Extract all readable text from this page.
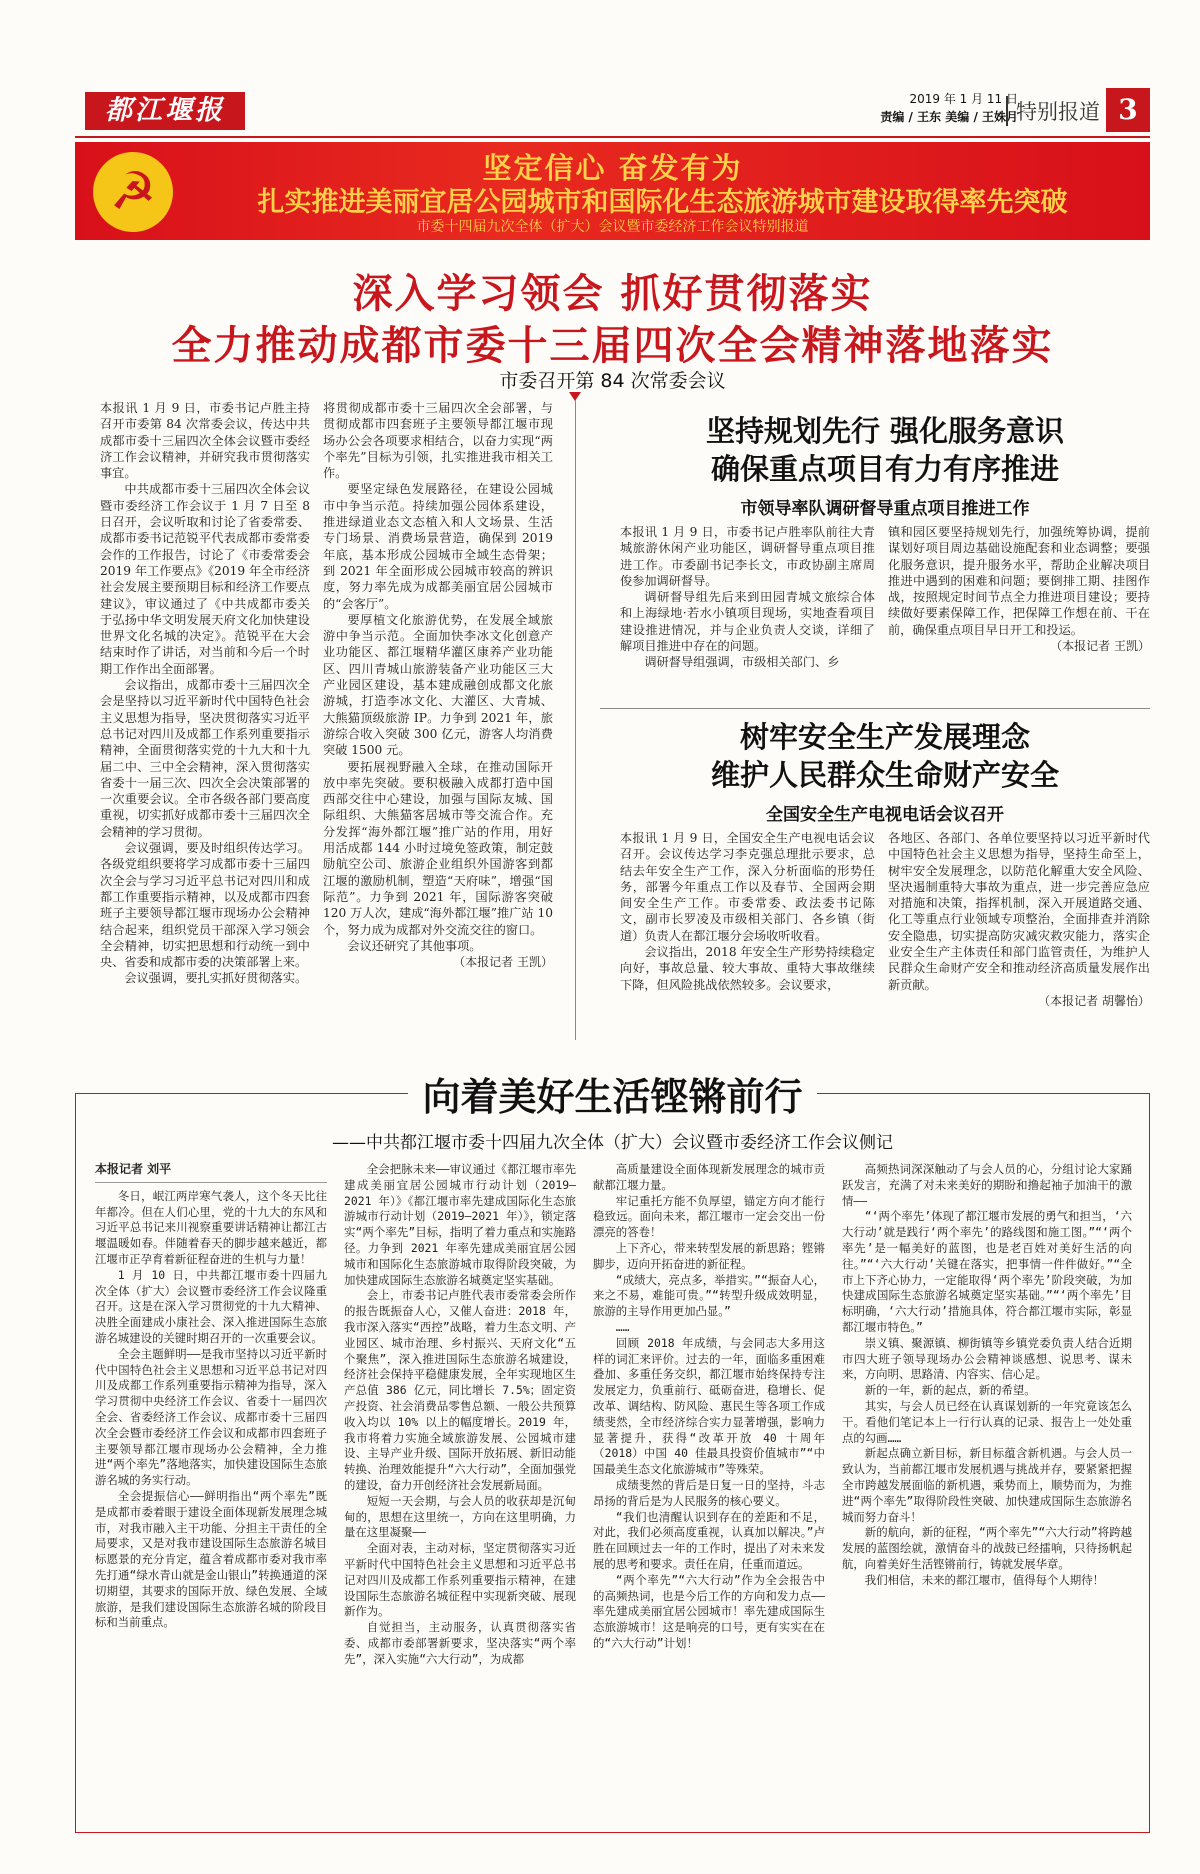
都江堰报	2019 年 1 月 11 日
责编 / 王东 美编 / 王姝月
特别报道 3
☭	坚定信心 奋发有为
扎实推进美丽宜居公园城市和国际化生态旅游城市建设取得率先突破
市委十四届九次全体（扩大）会议暨市委经济工作会议特别报道
深入学习领会 抓好贯彻落实
全力推动成都市委十三届四次全会精神落地落实
市委召开第 84 次常委会议

本报讯 1 月 9 日，市委书记卢胜主持召开市委第 84 次常委会议，传达中共成都市委十三届四次全体会议暨市委经济工作会议精神，并研究我市贯彻落实事宜。

中共成都市委十三届四次全体会议暨市委经济工作会议于 1 月 7 日至 8 日召开，会议听取和讨论了省委常委、成都市委书记范锐平代表成都市委常委会作的工作报告，讨论了《市委常委会 2019 年工作要点》《2019 年全市经济社会发展主要预期目标和经济工作要点建议》，审议通过了《中共成都市委关于弘扬中华文明发展天府文化加快建设世界文化名城的决定》。范锐平在大会结束时作了讲话，对当前和今后一个时期工作作出全面部署。

会议指出，成都市委十三届四次全会是坚持以习近平新时代中国特色社会主义思想为指导，坚决贯彻落实习近平总书记对四川及成都工作系列重要指示精神，全面贯彻落实党的十九大和十九届二中、三中全会精神，深入贯彻落实省委十一届三次、四次全会决策部署的一次重要会议。全市各级各部门要高度重视，切实抓好成都市委十三届四次全会精神的学习贯彻。

会议强调，要及时组织传达学习。各级党组织要将学习成都市委十三届四次全会与学习习近平总书记对四川和成都工作重要指示精神，以及成都市四套班子主要领导都江堰市现场办公会精神结合起来，组织党员干部深入学习领会全会精神，切实把思想和行动统一到中央、省委和成都市委的决策部署上来。

会议强调，要扎实抓好贯彻落实。

将贯彻成都市委十三届四次全会部署，与贯彻成都市四套班子主要领导都江堰市现场办公会各项要求相结合，以奋力实现“两个率先”目标为引领，扎实推进我市相关工作。

要坚定绿色发展路径，在建设公园城市中争当示范。持续加强公园体系建设，推进绿道业态文态植入和人文场景、生活专门场景、消费场景营造，确保到 2019 年底，基本形成公园城市全域生态骨架；到 2021 年全面形成公园城市较高的辨识度，努力率先成为成都美丽宜居公园城市的“会客厅”。

要厚植文化旅游优势，在发展全域旅游中争当示范。全面加快李冰文化创意产业功能区、都江堰精华灌区康养产业功能区、四川青城山旅游装备产业功能区三大产业园区建设，基本建成融创成都文化旅游城，打造李冰文化、大灌区、大青城、大熊猫顶级旅游 IP。力争到 2021 年，旅游综合收入突破 300 亿元，游客人均消费突破 1500 元。

要拓展视野融入全球，在推动国际开放中率先突破。要积极融入成都打造中国西部交往中心建设，加强与国际友城、国际组织、大熊猫客居城市等交流合作。充分发挥“海外都江堰”推广站的作用，用好用活成都 144 小时过境免签政策，制定鼓励航空公司、旅游企业组织外国游客到都江堰的激励机制，塑造“天府味”，增强“国际范”。力争到 2021 年，国际游客突破 120 万人次，建成“海外都江堰”推广站 10 个，努力成为成都对外交流交往的窗口。

会议还研究了其他事项。

（本报记者 王凯）
坚持规划先行 强化服务意识
确保重点项目有力有序推进
市领导率队调研督导重点项目推进工作

本报讯 1 月 9 日，市委书记卢胜率队前往大青城旅游休闲产业功能区，调研督导重点项目推进工作。市委副书记李长文，市政协副主席周俊参加调研督导。

调研督导组先后来到田园青城文旅综合体和上海绿地·若水小镇项目现场，实地查看项目建设推进情况，并与企业负责人交谈，详细了解项目推进中存在的问题。

调研督导组强调，市级相关部门、乡

镇和园区要坚持规划先行，加强统筹协调，提前谋划好项目周边基础设施配套和业态调整；要强化服务意识，提升服务水平，帮助企业解决项目推进中遇到的困难和问题；要倒排工期、挂图作战，按照规定时间节点全力推进项目建设；要持续做好要素保障工作，把保障工作想在前、干在前，确保重点项目早日开工和投运。

（本报记者 王凯）
树牢安全生产发展理念
维护人民群众生命财产安全
全国安全生产电视电话会议召开

本报讯 1 月 9 日，全国安全生产电视电话会议召开。会议传达学习李克强总理批示要求，总结去年安全生产工作，深入分析面临的形势任务，部署今年重点工作以及春节、全国两会期间安全生产工作。市委常委、政法委书记陈文，副市长罗凌及市级相关部门、各乡镇（街道）负责人在都江堰分会场收听收看。

会议指出，2018 年安全生产形势持续稳定向好，事故总量、较大事故、重特大事故继续下降，但风险挑战依然较多。会议要求，

各地区、各部门、各单位要坚持以习近平新时代中国特色社会主义思想为指导，坚持生命至上，树牢安全发展理念，以防范化解重大安全风险、坚决遏制重特大事故为重点，进一步完善应急应对措施和决策，指挥机制，深入开展道路交通、化工等重点行业领域专项整治，全面排查并消除安全隐患，切实提高防灾减灾救灾能力，落实企业安全生产主体责任和部门监管责任，为维护人民群众生命财产安全和推动经济高质量发展作出新贡献。

（本报记者 胡馨怡）
向着美好生活铿锵前行
——中共都江堰市委十四届九次全体（扩大）会议暨市委经济工作会议侧记

本报记者 刘平

冬日，岷江两岸寒气袭人，这个冬天比往年都冷。但在人们心里，党的十九大的东风和习近平总书记来川视察重要讲话精神让都江古堰温暖如春。伴随着春天的脚步越来越近，都江堰市正孕育着新征程奋进的生机与力量！

1 月 10 日，中共都江堰市委十四届九次全体（扩大）会议暨市委经济工作会议隆重召开。这是在深入学习贯彻党的十九大精神、决胜全面建成小康社会、深入推进国际生态旅游名城建设的关键时期召开的一次重要会议。

全会主题鲜明——是我市坚持以习近平新时代中国特色社会主义思想和习近平总书记对四川及成都工作系列重要指示精神为指导，深入学习贯彻中央经济工作会议、省委十一届四次全会、省委经济工作会议、成都市委十三届四次全会暨市委经济工作会议和成都市四套班子主要领导都江堰市现场办公会精神，全力推进“两个率先”落地落实，加快建设国际生态旅游名城的务实行动。

全会提振信心——鲜明指出“两个率先”既是成都市委着眼于建设全面体现新发展理念城市，对我市融入主干功能、分担主干责任的全局要求，又是对我市建设国际生态旅游名城目标愿景的充分肯定，蕴含着成都市委对我市率先打通“绿水青山就是金山银山”转换通道的深切期望，其要求的国际开放、绿色发展、全域旅游，是我们建设国际生态旅游名城的阶段目标和当前重点。

全会把脉未来——审议通过《都江堰市率先建成美丽宜居公园城市行动计划（2019—2021 年）》《都江堰市率先建成国际化生态旅游城市行动计划（2019—2021 年）》，锁定落实“两个率先”目标，指明了着力重点和实施路径。力争到 2021 年率先建成美丽宜居公园城市和国际化生态旅游城市取得阶段突破，为加快建成国际生态旅游名城奠定坚实基础。

会上，市委书记卢胜代表市委常委会所作的报告既振奋人心，又催人奋进：2018 年，我市深入落实“西控”战略，着力生态文明、产业园区、城市治理、乡村振兴、天府文化“五个聚焦”，深入推进国际生态旅游名城建设，经济社会保持平稳健康发展，全年实现地区生产总值 386 亿元，同比增长 7.5%；固定资产投资、社会消费品零售总额、一般公共预算收入均以 10% 以上的幅度增长。2019 年，我市将着力实施全域旅游发展、公园城市建设、主导产业升级、国际开放拓展、新旧动能转换、治理效能提升“六大行动”，全面加强党的建设，奋力开创经济社会发展新局面。

短短一天会期，与会人员的收获却是沉甸甸的，思想在这里统一，方向在这里明确，力量在这里凝聚——

全面对表，主动对标，坚定贯彻落实习近平新时代中国特色社会主义思想和习近平总书记对四川及成都工作系列重要指示精神，在建设国际生态旅游名城征程中实现新突破、展现新作为。

自觉担当，主动服务，认真贯彻落实省委、成都市委部署新要求，坚决落实“两个率先”，深入实施“六大行动”，为成都

高质量建设全面体现新发展理念的城市贡献都江堰力量。

牢记重托方能不负厚望，锚定方向才能行稳致远。面向未来，都江堰市一定会交出一份漂亮的答卷！

上下齐心，带来转型发展的新思路；铿锵脚步，迈向开拓奋进的新征程。

“成绩大，亮点多，举措实。”“振奋人心，来之不易，难能可贵。”“转型升级成效明显，旅游的主导作用更加凸显。”

……

回顾 2018 年成绩，与会同志大多用这样的词汇来评价。过去的一年，面临多重困难叠加、多重任务交织，都江堰市始终保持专注发展定力，负重前行、砥砺奋进，稳增长、促改革、调结构、防风险、惠民生等各项工作成绩斐然，全市经济综合实力显著增强，影响力显著提升，获得“改革开放 40 十周年（2018）中国 40 佳最具投资价值城市”“中国最美生态文化旅游城市”等殊荣。

成绩斐然的背后是日复一日的坚持，斗志昂扬的背后是为人民服务的核心要义。

“我们也清醒认识到存在的差距和不足，对此，我们必须高度重视，认真加以解决。”卢胜在回顾过去一年的工作时，提出了对未来发展的思考和要求。责任在肩，任重而道远。

“两个率先”“六大行动”作为全会报告中的高频热词，也是今后工作的方向和发力点——率先建成美丽宜居公园城市！率先建成国际生态旅游城市！这是响亮的口号，更有实实在在的“六大行动”计划！

高频热词深深触动了与会人员的心，分组讨论大家踊跃发言，充满了对未来美好的期盼和撸起袖子加油干的激情——

“‘两个率先’体现了都江堰市发展的勇气和担当，‘六大行动’就是践行‘两个率先’的路线图和施工图。”“‘两个率先’是一幅美好的蓝图，也是老百姓对美好生活的向往。”“‘六大行动’关键在落实，把事情一件件做好。”“全市上下齐心协力，一定能取得‘两个率先’阶段突破，为加快建成国际生态旅游名城奠定坚实基础。”“‘两个率先’目标明确，‘六大行动’措施具体，符合都江堰市实际，彰显都江堰市特色。”

崇义镇、聚源镇、柳街镇等乡镇党委负责人结合近期市四大班子领导现场办公会精神谈感想、说思考、谋未来，方向明、思路清、内容实、信心足。

新的一年，新的起点，新的希望。

其实，与会人员已经在认真谋划新的一年究竟该怎么干。看他们笔记本上一行行认真的记录、报告上一处处重点的勾画……

新起点确立新目标，新目标蕴含新机遇。与会人员一致认为，当前都江堰市发展机遇与挑战并存，要紧紧把握全市跨越发展面临的新机遇，乘势而上，顺势而为，为推进“两个率先”取得阶段性突破、加快建成国际生态旅游名城而努力奋斗！

新的航向，新的征程，“两个率先”“六大行动”将跨越发展的蓝图绘就，激情奋斗的战鼓已经擂响，只待扬帆起航，向着美好生活铿锵前行，铸就发展华章。

我们相信，未来的都江堰市，值得每个人期待！
